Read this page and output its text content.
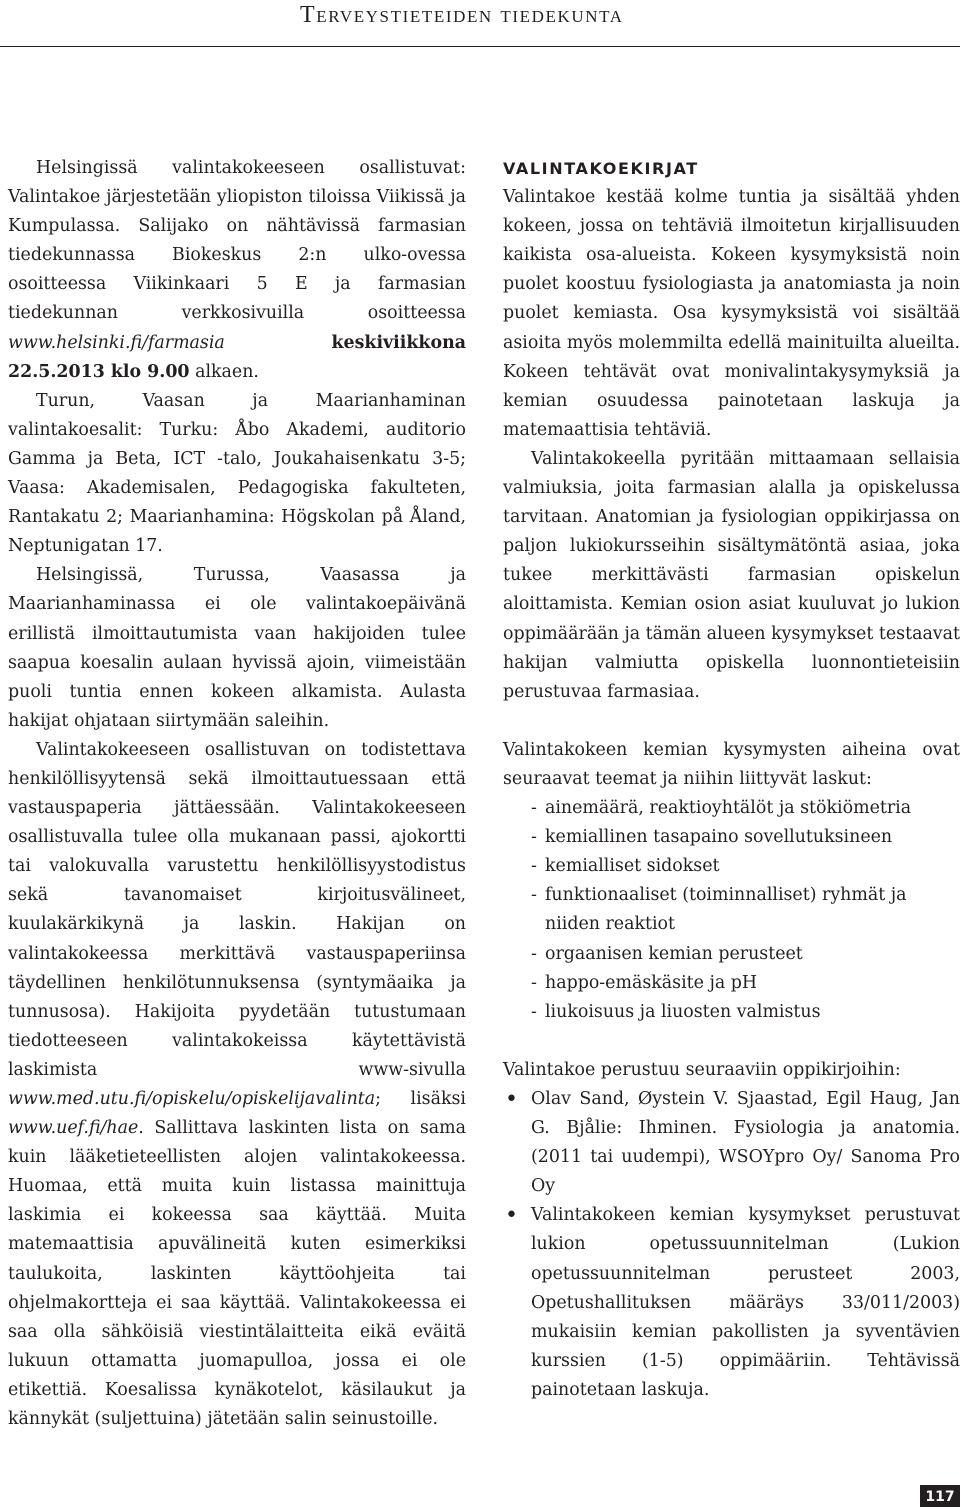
Terveystieteiden tiedekunta

Helsingissä valintakokeeseen osallistuvat: Valintakoe järjestetään yliopiston tiloissa Viikissä ja Kumpulassa. Salijako on nähtävissä farmasian tiedekunnassa Biokeskus 2:n ulko-ovessa osoitteessa Viikinkaari 5 E ja farmasian tiedekunnan verkkosivuilla osoitteessa www.helsinki.fi/farmasia	keskiviikkona 22.5.2013 klo 9.00 alkaen.

Turun, Vaasan ja Maarianhaminan valintakoesalit: Turku: Åbo Akademi, auditorio Gamma ja Beta, ICT -talo, Joukahaisenkatu 3-5; Vaasa: Akademisalen, Pedagogiska fakulteten, Rantakatu 2; Maarianhamina: Högskolan på Åland, Neptunigatan 17.

Helsingissä, Turussa, Vaasassa ja Maarianhaminassa ei ole valintakoepäivänä erillistä ilmoittautumista vaan hakijoiden tulee saapua koesalin aulaan hyvissä ajoin, viimeistään puoli tuntia ennen kokeen alkamista. Aulasta hakijat ohjataan siirtymään saleihin.

Valintakokeeseen osallistuvan on todistettava henkilöllisyytensä sekä ilmoittautuessaan että vastauspaperia jättäessään. Valintakokeeseen osallistuvalla tulee olla mukanaan passi, ajokortti tai valokuvalla varustettu henkilöllisyystodistus sekä tavanomaiset kirjoitusvälineet, kuulakärkikynä ja laskin. Hakijan on valintakokeessa merkittävä vastauspaperiinsa täydellinen henkilötunnuksensa (syntymäaika ja tunnusosa). Hakijoita pyydetään tutustumaan tiedotteeseen valintakokeissa käytettävistä laskimista www-sivulla www.med.utu.fi/opiskelu/opiskelijavalinta; lisäksi www.uef.fi/hae. Sallittava laskinten lista on sama kuin lääketieteellisten alojen valintakokeessa. Huomaa, että muita kuin listassa mainittuja laskimia ei kokeessa saa käyttää. Muita matemaattisia apuvälineitä kuten esimerkiksi taulukoita, laskinten käyttöohjeita tai ohjelmakortteja ei saa käyttää. Valintakokeessa ei saa olla sähköisiä viestintälaitteita eikä eväitä lukuun ottamatta juomapulloa, jossa ei ole etikettiä. Koesalissa kynäkotelot, käsilaukut ja kännykät (suljettuina) jätetään salin seinustoille.

VALINTAKOEKIRJAT

Valintakoe kestää kolme tuntia ja sisältää yhden kokeen, jossa on tehtäviä ilmoitetun kirjallisuuden kaikista osa-alueista. Kokeen kysymyksistä noin puolet koostuu fysiologiasta ja anatomiasta ja noin puolet kemiasta. Osa kysymyksistä voi sisältää asioita myös molemmilta edellä mainituilta alueilta. Kokeen tehtävät ovat monivalintakysymyksiä ja kemian osuudessa painotetaan laskuja ja matemaattisia tehtäviä.

Valintakokeella pyritään mittaamaan sellaisia valmiuksia, joita farmasian alalla ja opiskelussa tarvitaan. Anatomian ja fysiologian oppikirjassa on paljon lukiokursseihin sisältymätöntä asiaa, joka tukee merkittävästi farmasian opiskelun aloittamista. Kemian osion asiat kuuluvat jo lukion oppimäärään ja tämän alueen kysymykset testaavat hakijan valmiutta opiskella luonnontieteisiin perustuvaa farmasiaa.

Valintakokeen kemian kysymysten aiheina ovat seuraavat teemat ja niihin liittyvät laskut:

- ainemäärä, reaktioyhtälöt ja stökiömetria
- kemiallinen tasapaino sovellutuksineen
- kemialliset sidokset
- funktionaaliset (toiminnalliset) ryhmät ja niiden reaktiot
- orgaanisen kemian perusteet
- happo-emäskäsite ja pH
- liukoisuus ja liuosten valmistus

Valintakoe perustuu seuraaviin oppikirjoihin:

• Olav Sand, Øystein V. Sjaastad, Egil Haug, Jan G. Bjålie: Ihminen. Fysiologia ja anatomia. (2011 tai uudempi), WSOYpro Oy/ Sanoma Pro Oy
• Valintakokeen kemian kysymykset perustuvat lukion opetussuunnitelman (Lukion opetussuunnitelman perusteet 2003, Opetushallituksen määräys 33/011/2003) mukaisiin kemian pakollisten ja syventävien kurssien (1-5) oppimääriin. Tehtävissä painotetaan laskuja.
117
